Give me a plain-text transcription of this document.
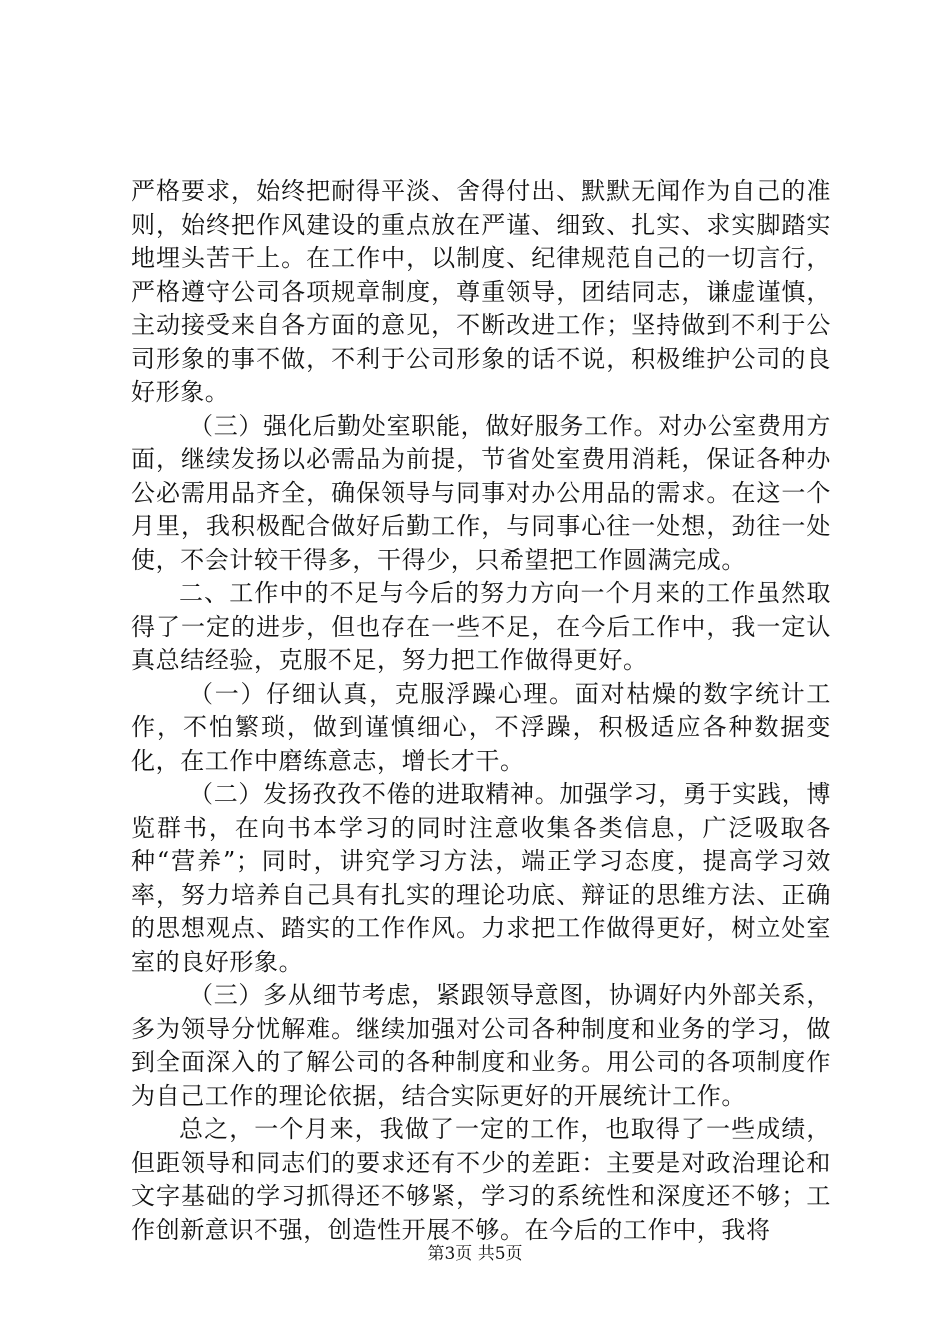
严格要求，始终把耐得平淡、舍得付出、默默无闻作为自己的准则，始终把作风建设的重点放在严谨、细致、扎实、求实脚踏实地埋头苦干上。在工作中，以制度、纪律规范自己的一切言行，严格遵守公司各项规章制度，尊重领导，团结同志，谦虚谨慎，主动接受来自各方面的意见，不断改进工作；坚持做到不利于公司形象的事不做，不利于公司形象的话不说，积极维护公司的良好形象。

（三）强化后勤处室职能，做好服务工作。对办公室费用方面，继续发扬以必需品为前提，节省处室费用消耗，保证各种办公必需用品齐全，确保领导与同事对办公用品的需求。在这一个月里，我积极配合做好后勤工作，与同事心往一处想，劲往一处使，不会计较干得多，干得少，只希望把工作圆满完成。

二、工作中的不足与今后的努力方向一个月来的工作虽然取得了一定的进步，但也存在一些不足，在今后工作中，我一定认真总结经验，克服不足，努力把工作做得更好。

（一）仔细认真，克服浮躁心理。面对枯燥的数字统计工作，不怕繁琐，做到谨慎细心，不浮躁，积极适应各种数据变化，在工作中磨练意志，增长才干。

（二）发扬孜孜不倦的进取精神。加强学习，勇于实践，博览群书，在向书本学习的同时注意收集各类信息，广泛吸取各种“营养”；同时，讲究学习方法，端正学习态度，提高学习效率，努力培养自己具有扎实的理论功底、辩证的思维方法、正确的思想观点、踏实的工作作风。力求把工作做得更好，树立处室室的良好形象。

（三）多从细节考虑，紧跟领导意图，协调好内外部关系，多为领导分忧解难。继续加强对公司各种制度和业务的学习，做到全面深入的了解公司的各种制度和业务。用公司的各项制度作为自己工作的理论依据，结合实际更好的开展统计工作。

总之，一个月来，我做了一定的工作，也取得了一些成绩，但距领导和同志们的要求还有不少的差距：主要是对政治理论和文字基础的学习抓得还不够紧，学习的系统性和深度还不够；工作创新意识不强，创造性开展不够。在今后的工作中，我将

第3页 共5页
